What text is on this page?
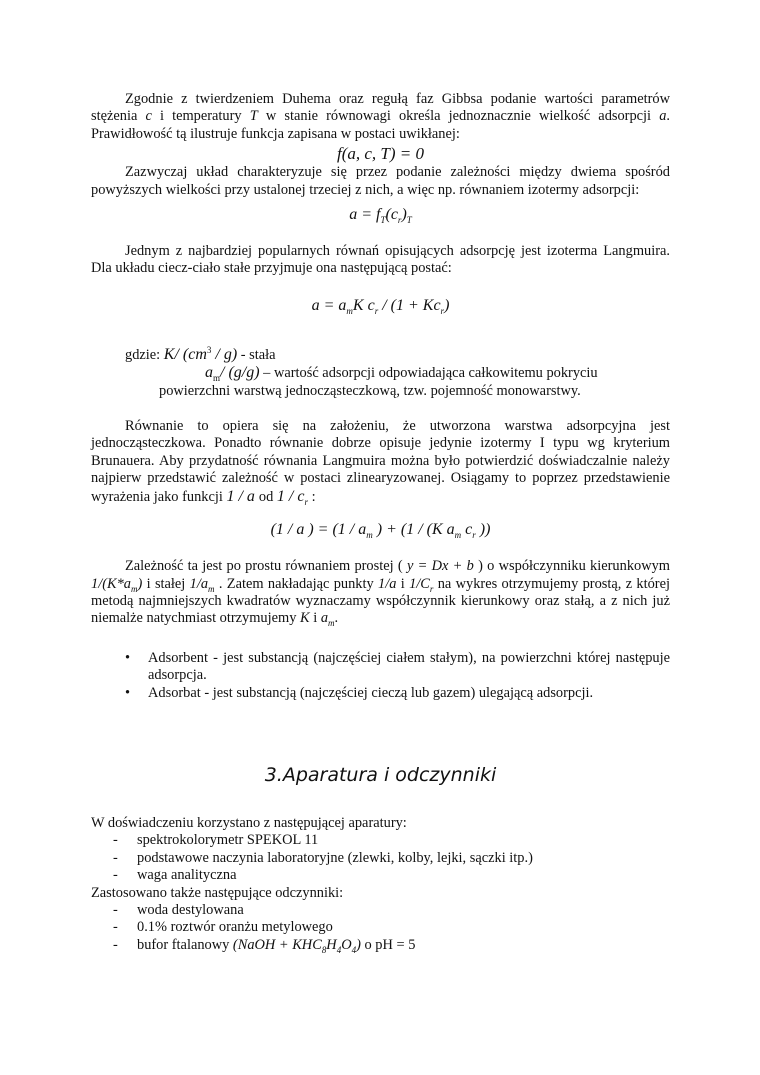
Zgodnie z twierdzeniem Duhema oraz regułą faz Gibbsa podanie wartości parametrów stężenia c i temperatury T w stanie równowagi określa jednoznacznie wielkość adsorpcji a. Prawidłowość tą ilustruje funkcja zapisana w postaci uwikłanej:

f(a, c, T) = 0

Zazwyczaj układ charakteryzuje się przez podanie zależności między dwiema spośród powyższych wielkości przy ustalonej trzeciej z nich, a więc np. równaniem izotermy adsorpcji:

$a = f_T(c_r)_T$

Jednym z najbardziej popularnych równań opisujących adsorpcję jest izoterma Langmuira. Dla układu ciecz-ciało stałe przyjmuje ona następującą postać:

$a = a_mK$ $c_r / (1 + Kc_r)$

gdzie: K/ $(cm^3 / g)$ - stała

$a_m/$ (g/g) – wartość adsorpcji odpowiadająca całkowitemu pokryciu

powierzchni warstwą jednocząsteczkową, tzw. pojemność monowarstwy.

Równanie to opiera się na założeniu, że utworzona warstwa adsorpcyjna jest jednocząsteczkowa. Ponadto równanie dobrze opisuje jedynie izotermy I typu wg kryterium Brunauera. Aby przydatność równania Langmuira można było potwierdzić doświadczalnie należy najpierw przedstawić zależność w postaci zlinearyzowanej. Osiągamy to poprzez przedstawienie wyrażenia jako funkcji 1 / a od $1 / c_r$ :

(1 / a ) = ($1 / a_m$ ) + (1 / (K $a_m$ $c_r$ ))

Zależność ta jest po prostu równaniem prostej ( y = Dx + b ) o współczynniku kierunkowym $1/(K*a_m)$ i stałej $1/a_m$ . Zatem nakładając punkty 1/a i $1/C_r$ na wykres otrzymujemy prostą, z której metodą najmniejszych kwadratów wyznaczamy współczynnik kierunkowy oraz stałą, a z nich już niemalże natychmiast otrzymujemy K i $a_m$.

• Adsorbent - jest substancją (najczęściej ciałem stałym), na powierzchni której następuje adsorpcja.
• Adsorbat - jest substancją (najczęściej cieczą lub gazem) ulegającą adsorpcji.
3.Aparatura i odczynniki

W doświadczeniu korzystano z następującej aparatury:

- spektrokolorymetr SPEKOL 11
- podstawowe naczynia laboratoryjne (zlewki, kolby, lejki, sączki itp.)
- waga analityczna

Zastosowano także następujące odczynniki:

- woda destylowana
- 0.1% roztwór oranżu metylowego
- bufor ftalanowy (NaOH + $KHC_8H_4O_4$) o pH = 5
